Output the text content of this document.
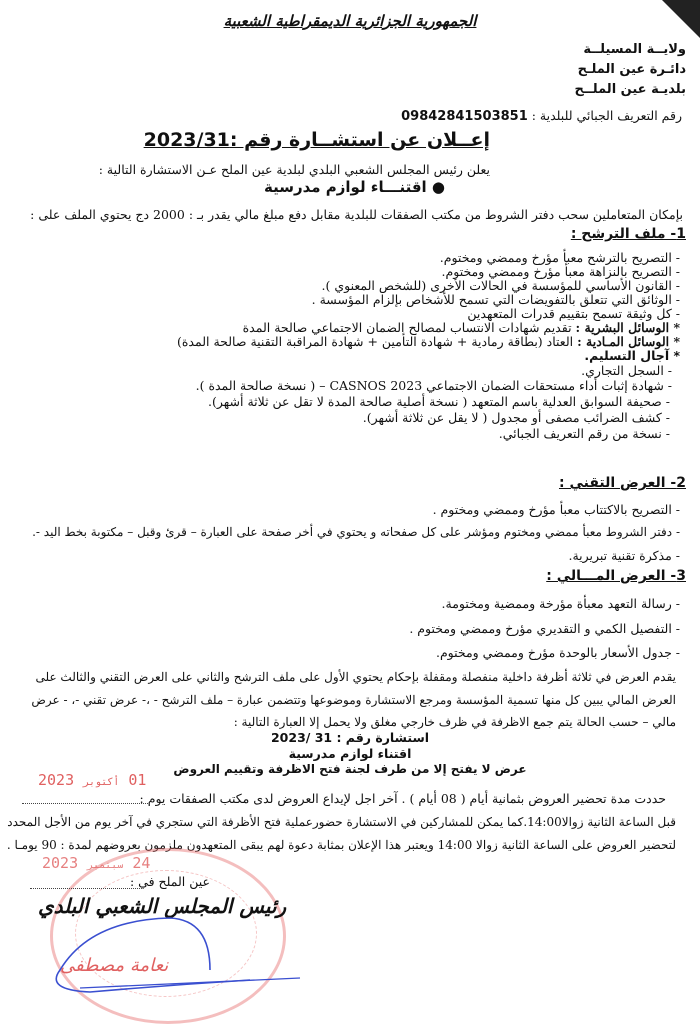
الجمهورية الجزائرية الديمقراطية الشعبية
ولايــة المسيلــة
دائـرة عين الملـح
بلديـة عين الملــح
رقم التعريف الجبائي للبلدية : 09842841503851
إعــلان عن استشــارة رقم :2023/31
يعلن رئيس المجلس الشعبي البلدي لبلدية عين الملح عـن الاستشارة التالية :
● اقتنـــاء لوازم مدرسية
بإمكان المتعاملين سحب دفتر الشروط من مكتب الصفقات للبلدية مقابل دفع مبلغ مالي يقدر بـ : 2000 دج يحتوي الملف على :
1- ملف الترشح :
- التصريح بالترشح معبأ مؤرخ وممضي ومختوم.
- التصريح بالنزاهة معبأ مؤرخ وممضي ومختوم.
- القانون الأساسي للمؤسسة في الحالات الأخرى (للشخص المعنوي ).
- الوثائق التي تتعلق بالتفويضات التي تسمح للأشخاص بإلزام المؤسسة .
- كل وثيقة تسمح بتقييم قدرات المتعهدين
* الوسائل البشرية : تقديم شهادات الانتساب لمصالح الضمان الاجتماعي صالحة المدة
* الوسائل المـادية : العتاد (بطاقة رمادية + شهادة التأمين + شهادة المراقبة التقنية صالحة المدة)
* آجال التسليم.
- السجل التجاري.
- شهادة إثبات أداء مستحقات الضمان الاجتماعي CASNOS 2023 – ( نسخة صالحة المدة ).
- صحيفة السوابق العدلية باسم المتعهد ( نسخة أصلية صالحة المدة لا تقل عن ثلاثة أشهر).
- كشف الضرائب مصفى أو مجدول ( لا يقل عن ثلاثة أشهر).
- نسخة من رقم التعريف الجبائي.
2- العرض التقني :
- التصريح بالاكتتاب معبأ مؤرخ وممضي ومختوم .
- دفتر الشروط معبأ ممضي ومختوم ومؤشر على كل صفحاته و يحتوي في أخر صفحة على العبارة – قرئ وقبل – مكتوبة بخط اليد -.
- مذكرة تقنية تبريرية.
3- العرض المـــالي :
- رسالة التعهد معبأة مؤرخة وممضية ومختومة.
- التفصيل الكمي و التقديري مؤرخ وممضي ومختوم .
- جدول الأسعار بالوحدة مؤرخ وممضي ومختوم.
يقدم العرض في ثلاثة أظرفة داخلية منفصلة ومقفلة بإحكام يحتوي الأول على ملف الترشح والثاني على العرض التقني والثالث على
العرض المالي يبين كل منها تسمية المؤسسة ومرجع الاستشارة وموضوعها وتتضمن عبارة – ملف الترشح - ،- عرض تقني -، - عرض
مالي – حسب الحالة يتم جمع الاظرفة في ظرف خارجي مغلق ولا يحمل إلا العبارة التالية :
استشارة رقم : 31 /2023
اقتناء لوازم مدرسية
عرض لا يفتح إلا من طرف لجنة فتح الاظرفة وتقييم العروض
01 أكتوبر 2023
حددت مدة تحضير العروض بثمانية أيام ( 08 أيام ) . آخر اجل لإيداع العروض لدى مكتب الصفقات يوم :
قبل الساعة الثانية زوالا14:00.كما يمكن للمشاركين في الاستشارة حضورعملية فتح الأظرفة التي ستجري في آخر يوم من الأجل المحدد
لتحضير العروض على الساعة الثانية زوالا 14:00 ويعتبر هذا الإعلان بمثابة دعوة لهم يبقى المتعهدون ملزمون بعروضهم لمدة : 90 يومـا .
24 سبتمبر 2023
عين الملح في :
رئيس المجلس الشعبي البلدي
نعامة مصطفى
